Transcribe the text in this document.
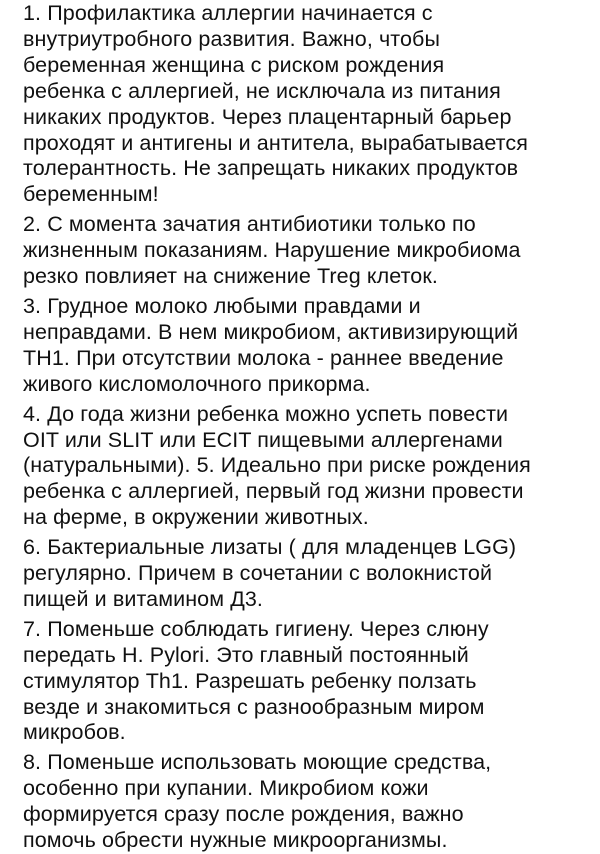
1. Профилактика аллергии начинается с
внутриутробного развития. Важно, чтобы
беременная женщина с риском рождения
ребенка с аллергией, не исключала из питания
никаких продуктов. Через плацентарный барьер
проходят и антигены и антитела, вырабатывается
толерантность. Не запрещать никаких продуктов
беременным!
2. С момента зачатия антибиотики только по
жизненным показаниям. Нарушение микробиома
резко повлияет на снижение Treg клеток.
3. Грудное молоко любыми правдами и
неправдами. В нем микробиом, активизирующий
TH1. При отсутствии молока - раннее введение
живого кисломолочного прикорма.
4. До года жизни ребенка можно успеть повести
OIT или SLIT или ECIT пищевыми аллергенами
(натуральными). 5. Идеально при риске рождения
ребенка с аллергией, первый год жизни провести
на ферме, в окружении животных.
6. Бактериальные лизаты ( для младенцев LGG)
регулярно. Причем в сочетании с волокнистой
пищей и витамином Д3.
7. Поменьше соблюдать гигиену. Через слюну
передать H. Pylori. Это главный постоянный
стимулятор Th1. Разрешать ребенку ползать
везде и знакомиться с разнообразным миром
микробов.
8. Поменьше использовать моющие средства,
особенно при купании. Микробиом кожи
формируется сразу после рождения, важно
помочь обрести нужные микроорганизмы.
